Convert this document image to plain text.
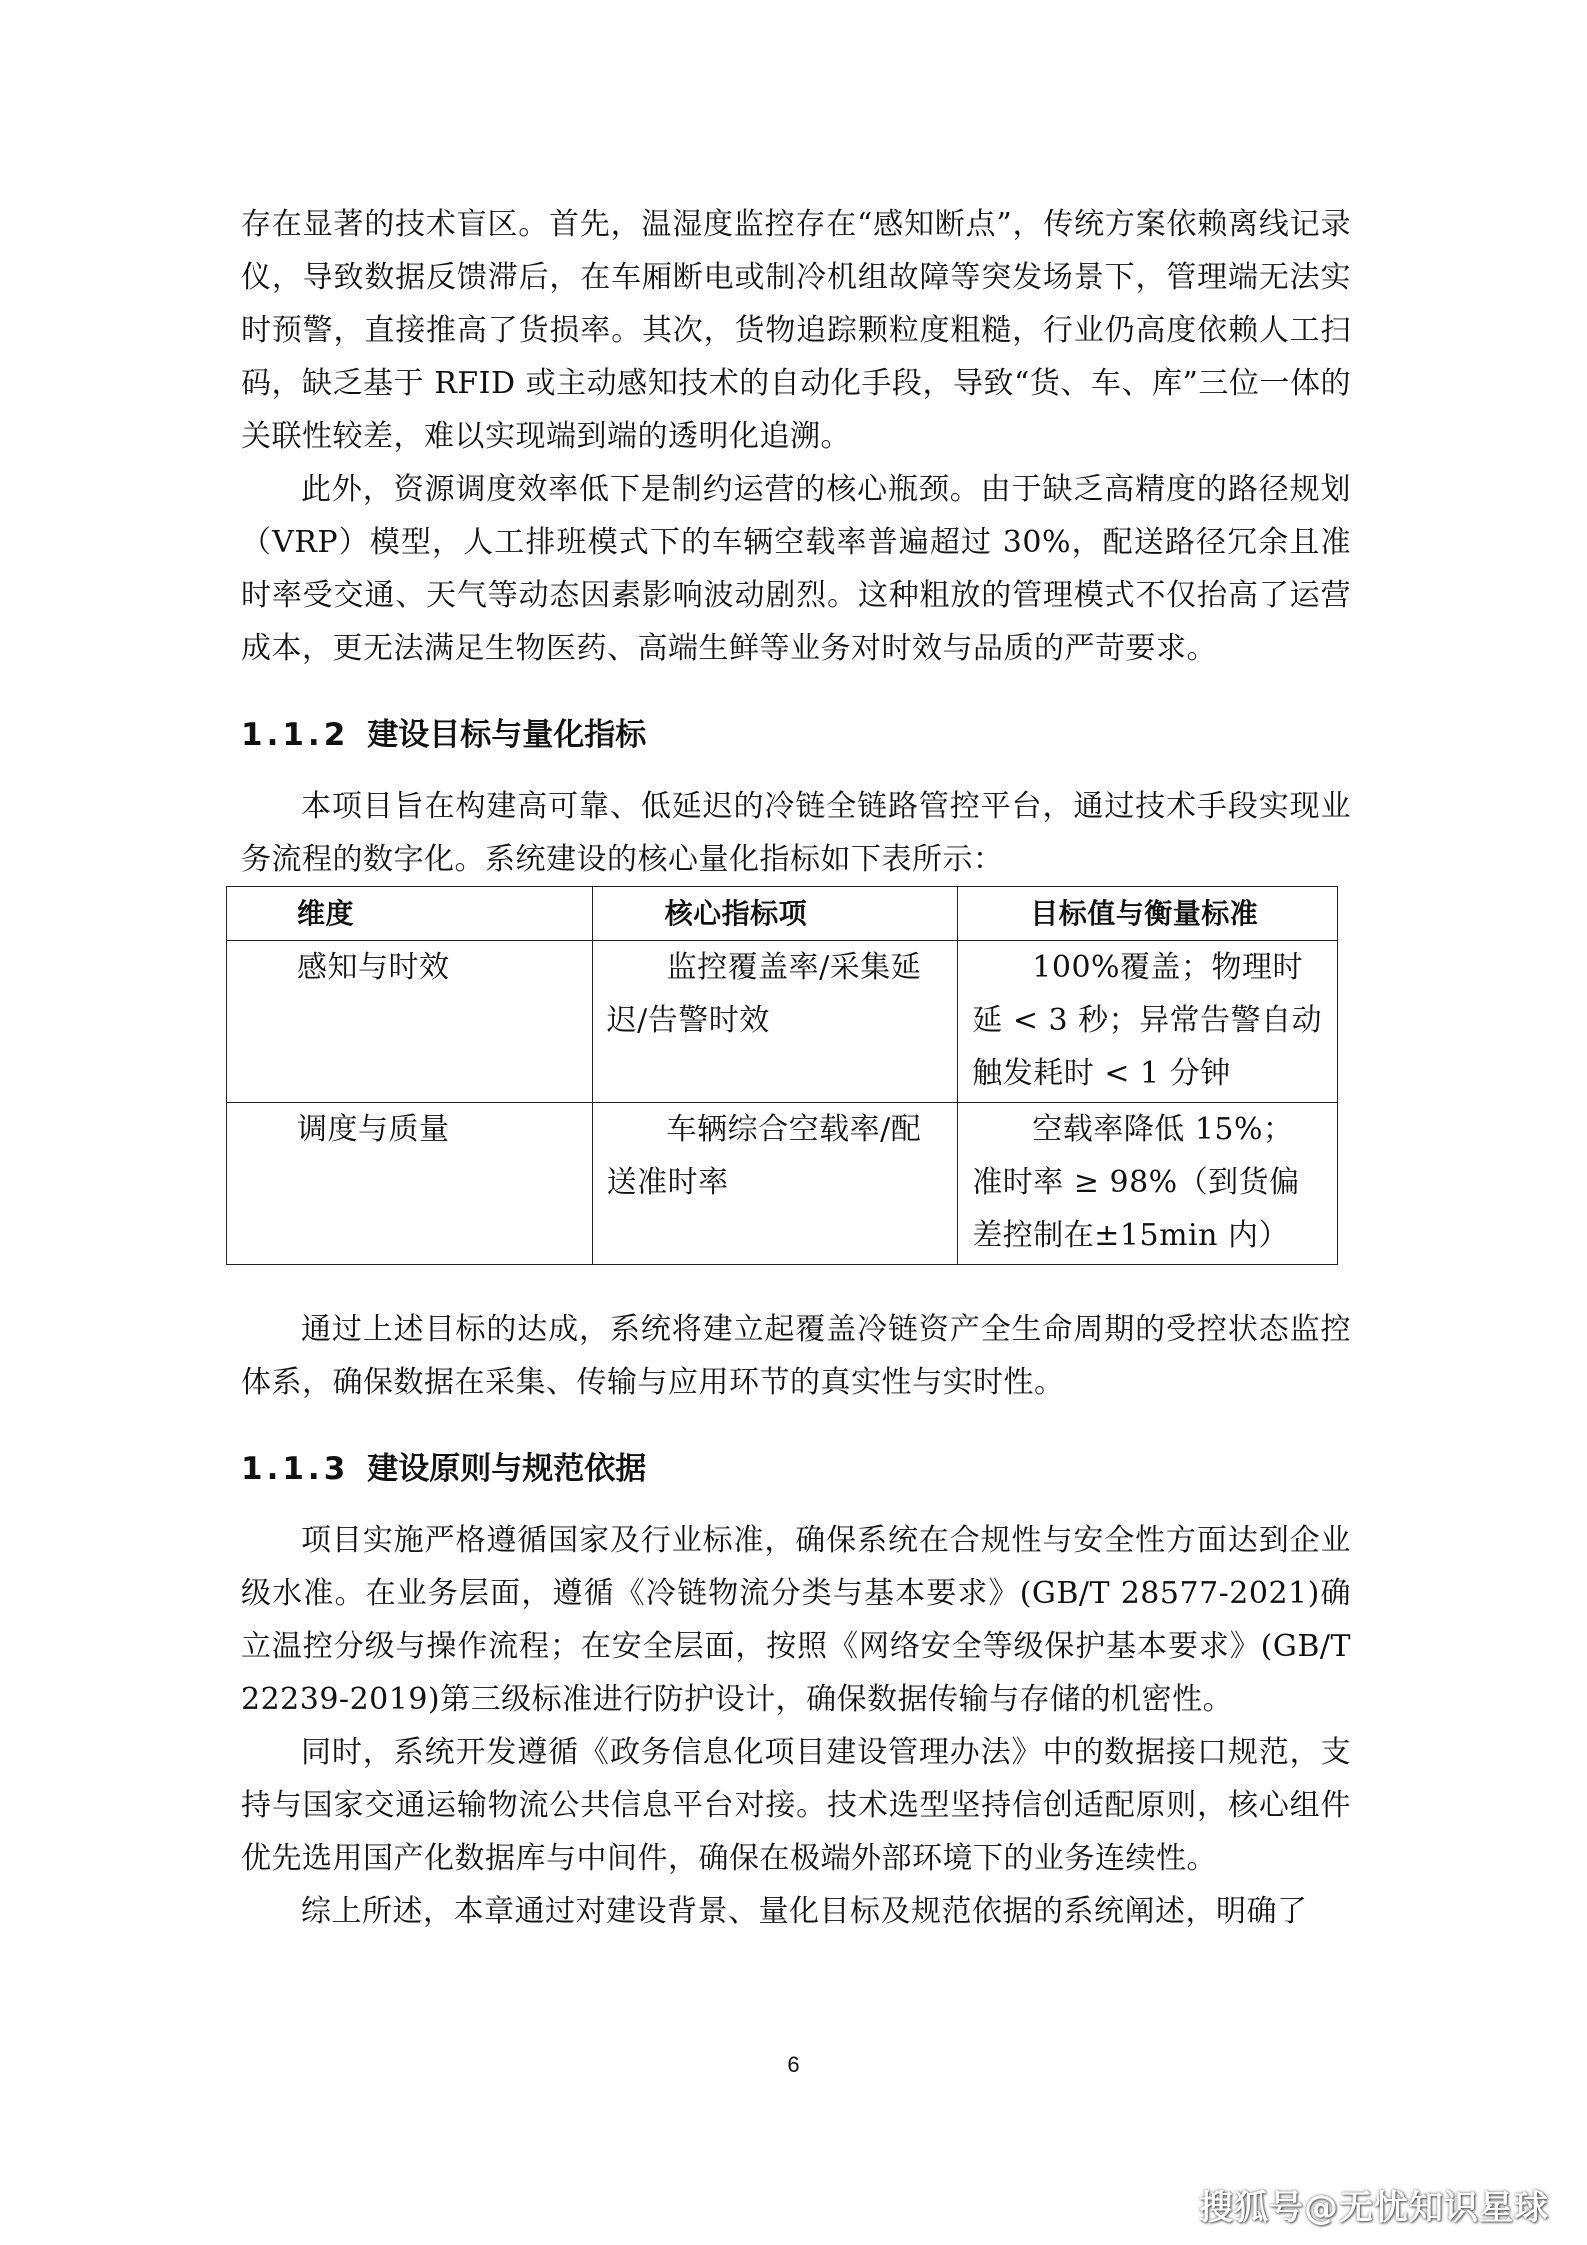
存在显著的技术盲区。首先，温湿度监控存在“感知断点”，传统方案依赖离线记录仪，导致数据反馈滞后，在车厢断电或制冷机组故障等突发场景下，管理端无法实时预警，直接推高了货损率。其次，货物追踪颗粒度粗糙，行业仍高度依赖人工扫码，缺乏基于 RFID 或主动感知技术的自动化手段，导致“货、车、库”三位一体的关联性较差，难以实现端到端的透明化追溯。

此外，资源调度效率低下是制约运营的核心瓶颈。由于缺乏高精度的路径规划（VRP）模型，人工排班模式下的车辆空载率普遍超过 30%，配送路径冗余且准时率受交通、天气等动态因素影响波动剧烈。这种粗放的管理模式不仅抬高了运营成本，更无法满足生物医药、高端生鲜等业务对时效与品质的严苛要求。

1.1.2 建设目标与量化指标

本项目旨在构建高可靠、低延迟的冷链全链路管控平台，通过技术手段实现业务流程的数字化。系统建设的核心量化指标如下表所示：

维度	核心指标项	目标值与衡量标准
感知与时效	监控覆盖率/采集延迟/告警时效	100%覆盖；物理时延 < 3 秒；异常告警自动触发耗时 < 1 分钟
调度与质量	车辆综合空载率/配送准时率	空载率降低 15%；准时率 ≥ 98%（到货偏差控制在±15min 内）

通过上述目标的达成，系统将建立起覆盖冷链资产全生命周期的受控状态监控体系，确保数据在采集、传输与应用环节的真实性与实时性。

1.1.3 建设原则与规范依据

项目实施严格遵循国家及行业标准，确保系统在合规性与安全性方面达到企业级水准。在业务层面，遵循《冷链物流分类与基本要求》(GB/T 28577-2021)确立温控分级与操作流程；在安全层面，按照《网络安全等级保护基本要求》(GB/T 22239-2019)第三级标准进行防护设计，确保数据传输与存储的机密性。

同时，系统开发遵循《政务信息化项目建设管理办法》中的数据接口规范，支持与国家交通运输物流公共信息平台对接。技术选型坚持信创适配原则，核心组件优先选用国产化数据库与中间件，确保在极端外部环境下的业务连续性。

综上所述，本章通过对建设背景、量化目标及规范依据的系统阐述，明确了

6
搜狐号@无忧知识星球
